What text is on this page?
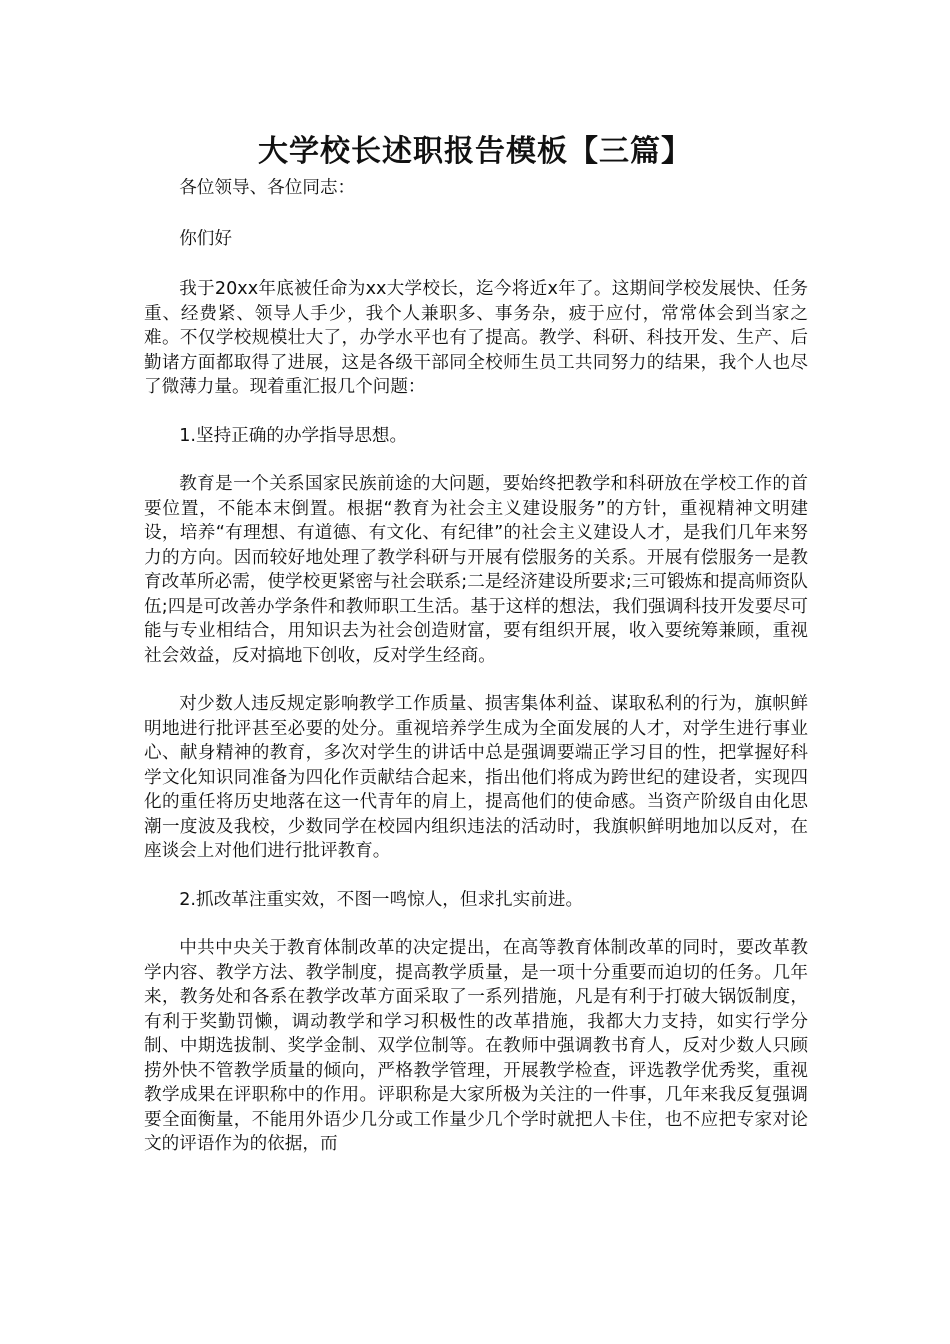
大学校长述职报告模板【三篇】

各位领导、各位同志：

你们好

我于20xx年底被任命为xx大学校长，迄今将近x年了。这期间学校发展快、任务重、经费紧、领导人手少，我个人兼职多、事务杂，疲于应付，常常体会到当家之难。不仅学校规模壮大了，办学水平也有了提高。教学、科研、科技开发、生产、后勤诸方面都取得了进展，这是各级干部同全校师生员工共同努力的结果，我个人也尽了微薄力量。现着重汇报几个问题：

1.坚持正确的办学指导思想。

教育是一个关系国家民族前途的大问题，要始终把教学和科研放在学校工作的首要位置，不能本末倒置。根据“教育为社会主义建设服务”的方针，重视精神文明建设，培养“有理想、有道德、有文化、有纪律”的社会主义建设人才，是我们几年来努力的方向。因而较好地处理了教学科研与开展有偿服务的关系。开展有偿服务一是教育改革所必需，使学校更紧密与社会联系;二是经济建设所要求;三可锻炼和提高师资队伍;四是可改善办学条件和教师职工生活。基于这样的想法，我们强调科技开发要尽可能与专业相结合，用知识去为社会创造财富，要有组织开展，收入要统筹兼顾，重视社会效益，反对搞地下创收，反对学生经商。

对少数人违反规定影响教学工作质量、损害集体利益、谋取私利的行为，旗帜鲜明地进行批评甚至必要的处分。重视培养学生成为全面发展的人才，对学生进行事业心、献身精神的教育，多次对学生的讲话中总是强调要端正学习目的性，把掌握好科学文化知识同准备为四化作贡献结合起来，指出他们将成为跨世纪的建设者，实现四化的重任将历史地落在这一代青年的肩上，提高他们的使命感。当资产阶级自由化思潮一度波及我校，少数同学在校园内组织违法的活动时，我旗帜鲜明地加以反对，在座谈会上对他们进行批评教育。

2.抓改革注重实效，不图一鸣惊人，但求扎实前进。

中共中央关于教育体制改革的决定提出，在高等教育体制改革的同时，要改革教学内容、教学方法、教学制度，提高教学质量，是一项十分重要而迫切的任务。几年来，教务处和各系在教学改革方面采取了一系列措施，凡是有利于打破大锅饭制度，有利于奖勤罚懒，调动教学和学习积极性的改革措施，我都大力支持，如实行学分制、中期选拔制、奖学金制、双学位制等。在教师中强调教书育人，反对少数人只顾捞外快不管教学质量的倾向，严格教学管理，开展教学检查，评选教学优秀奖，重视教学成果在评职称中的作用。评职称是大家所极为关注的一件事，几年来我反复强调要全面衡量，不能用外语少几分或工作量少几个学时就把人卡住，也不应把专家对论文的评语作为的依据，而
